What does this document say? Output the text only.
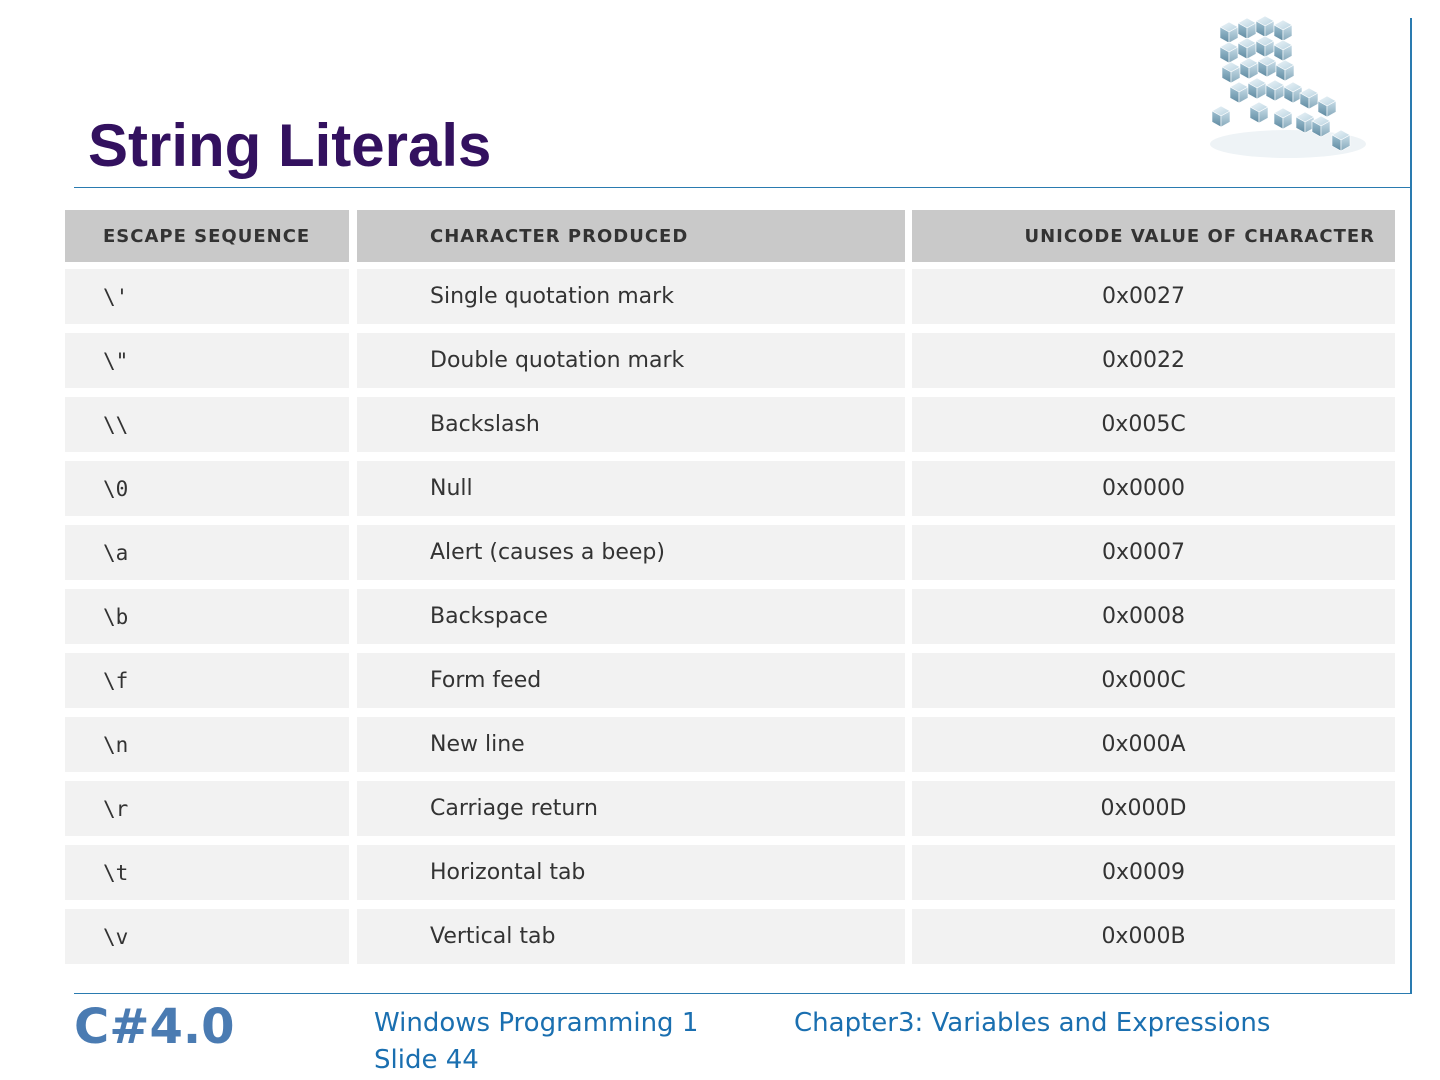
String Literals
ESCAPE SEQUENCE	CHARACTER PRODUCED	UNICODE VALUE OF CHARACTER
\'	Single quotation mark	0x0027
\"	Double quotation mark	0x0022
\\	Backslash	0x005C
\0	Null	0x0000
\a	Alert (causes a beep)	0x0007
\b	Backspace	0x0008
\f	Form feed	0x000C
\n	New line	0x000A
\r	Carriage return	0x000D
\t	Horizontal tab	0x0009
\v	Vertical tab	0x000B
C#4.0	Windows Programming 1
Slide 44
Chapter3: Variables and Expressions
